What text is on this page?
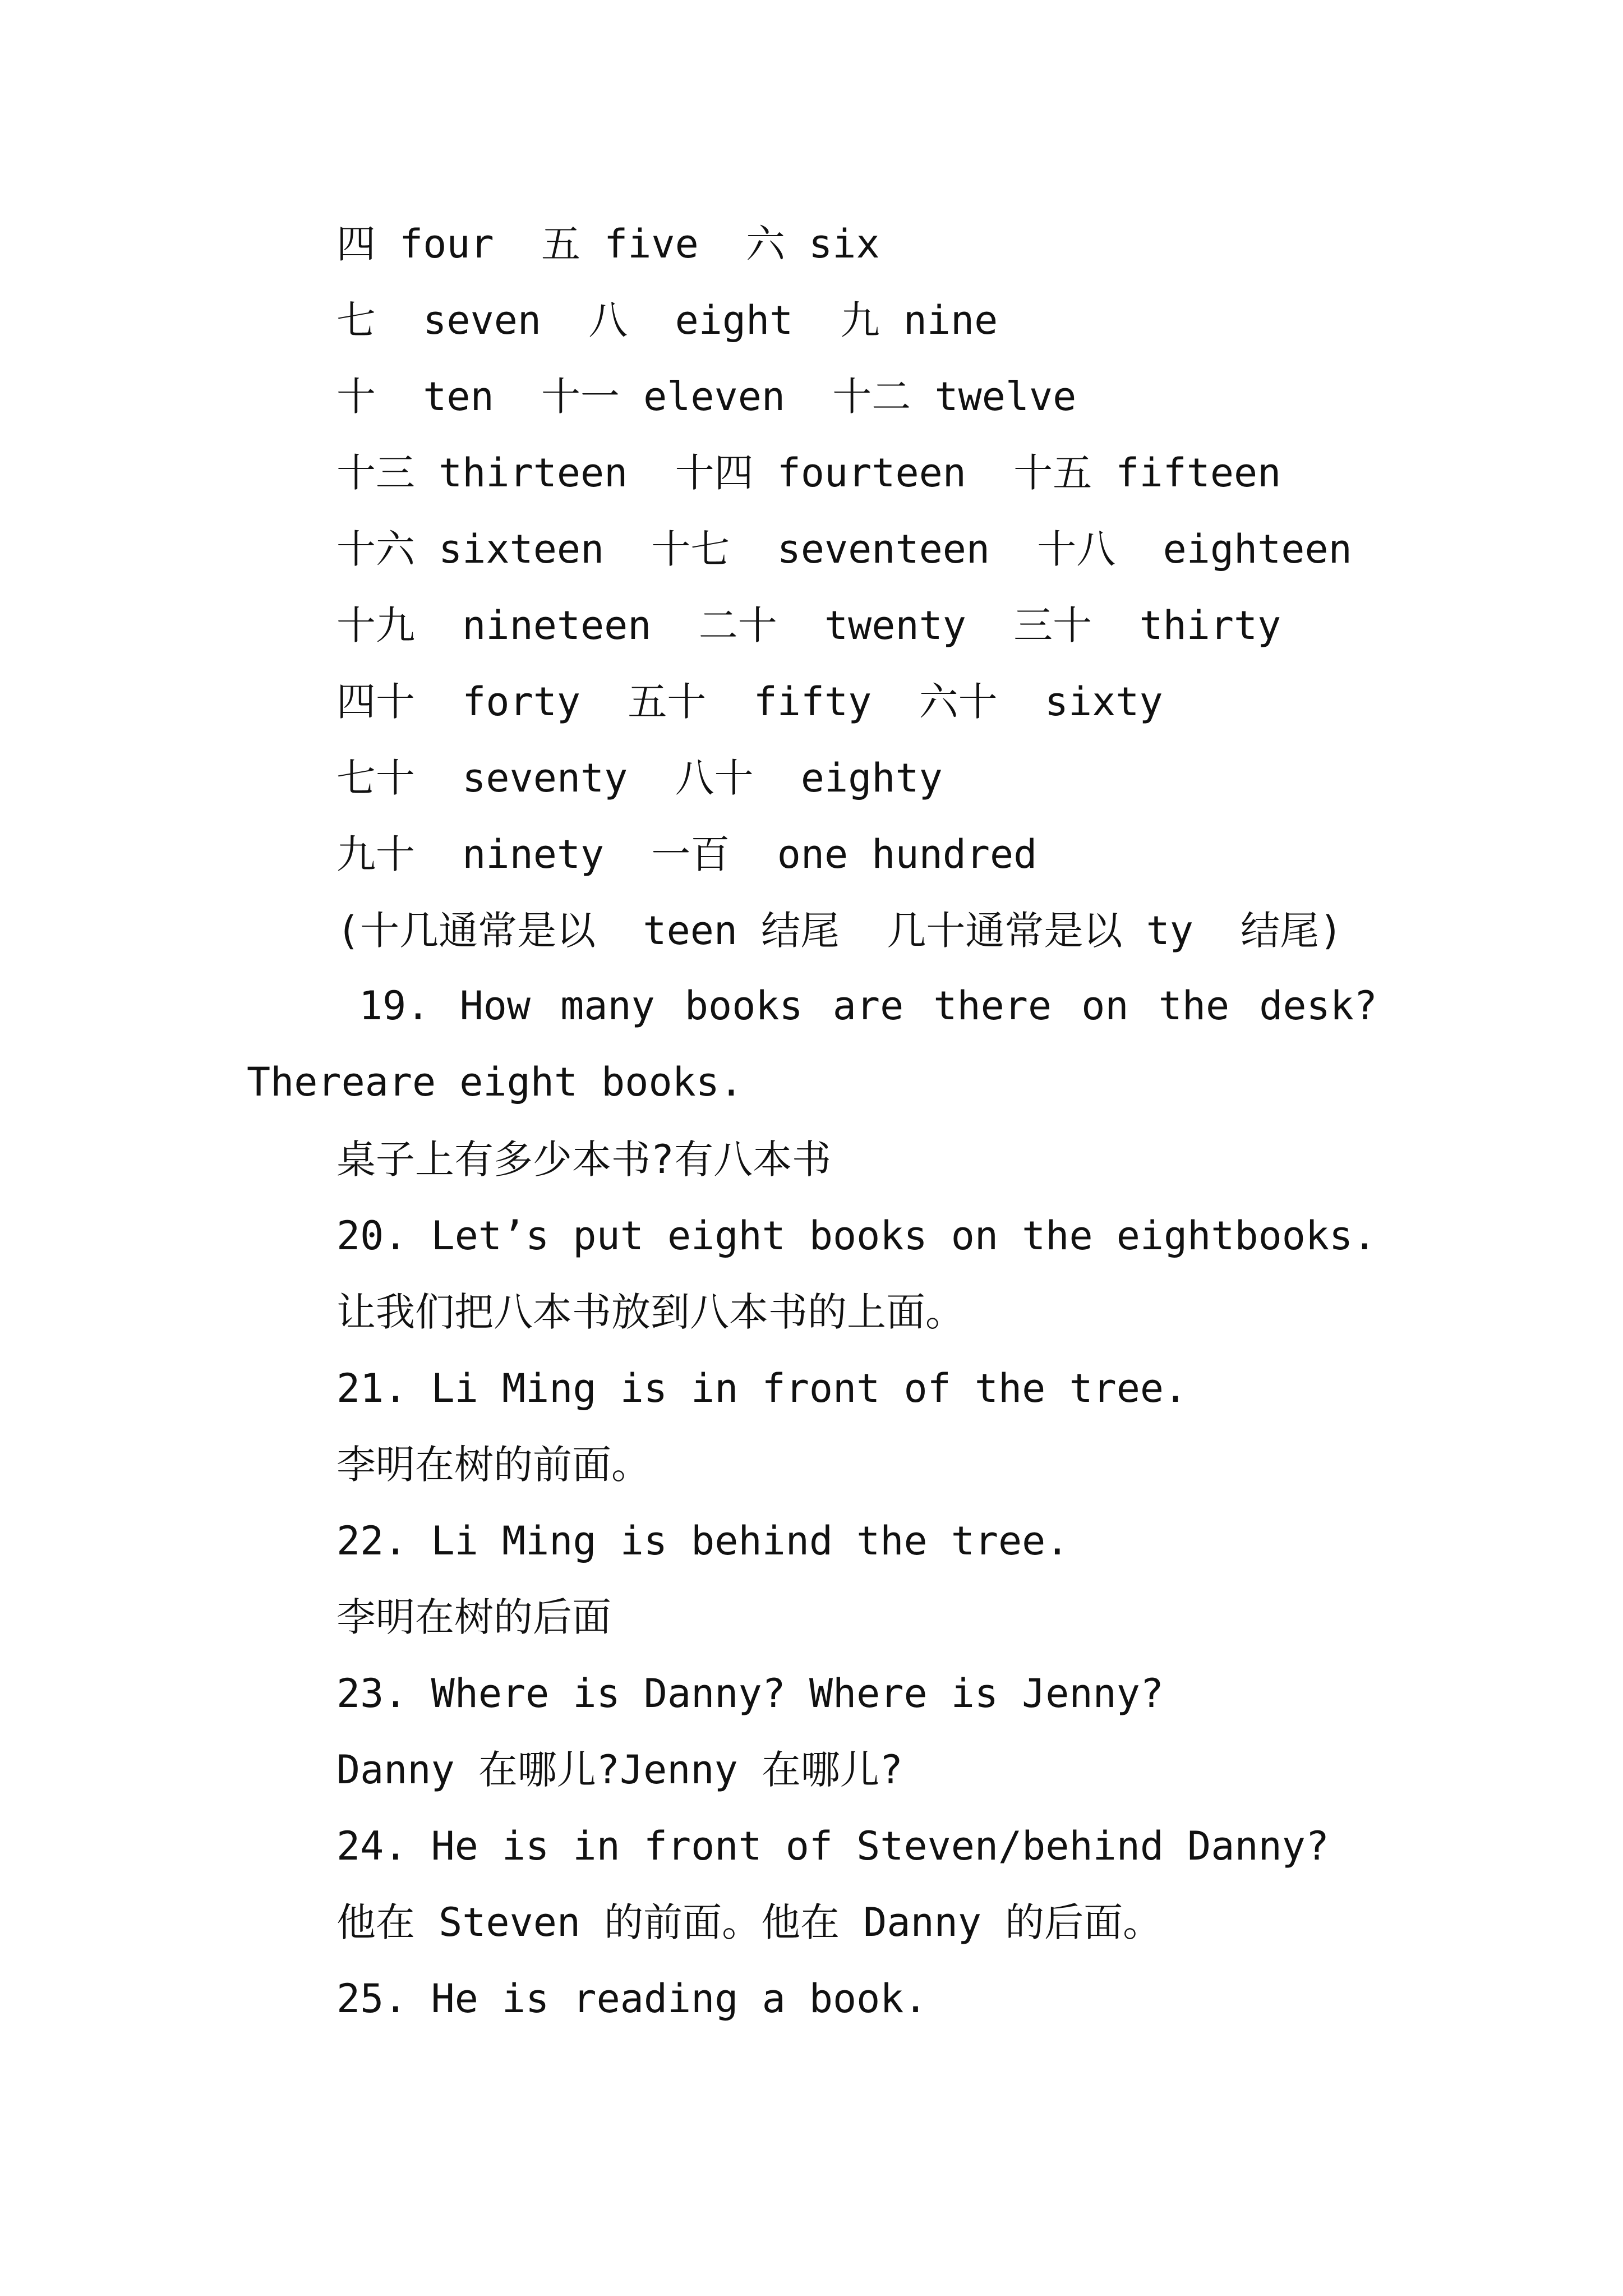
四 four  五 five  六 six

七  seven  八  eight  九 nine

十  ten  十一 eleven  十二 twelve

十三 thirteen  十四 fourteen  十五 fifteen

十六 sixteen  十七  seventeen  十八  eighteen

十九  nineteen  二十  twenty  三十  thirty

四十  forty  五十  fifty  六十  sixty

七十  seventy  八十  eighty

九十  ninety  一百  one hundred

(十几通常是以  teen 结尾  几十通常是以 ty  结尾)

19. How many books are there on the desk? Thereare eight books.

桌子上有多少本书?有八本书

20. Let’s put eight books on the eightbooks.

让我们把八本书放到八本书的上面。

21. Li Ming is in front of the tree.

李明在树的前面。

22. Li Ming is behind the tree.

李明在树的后面

23. Where is Danny? Where is Jenny?

Danny 在哪儿?Jenny 在哪儿?

24. He is in front of Steven/behind Danny?

他在 Steven 的前面。他在 Danny 的后面。

25. He is reading a book.
